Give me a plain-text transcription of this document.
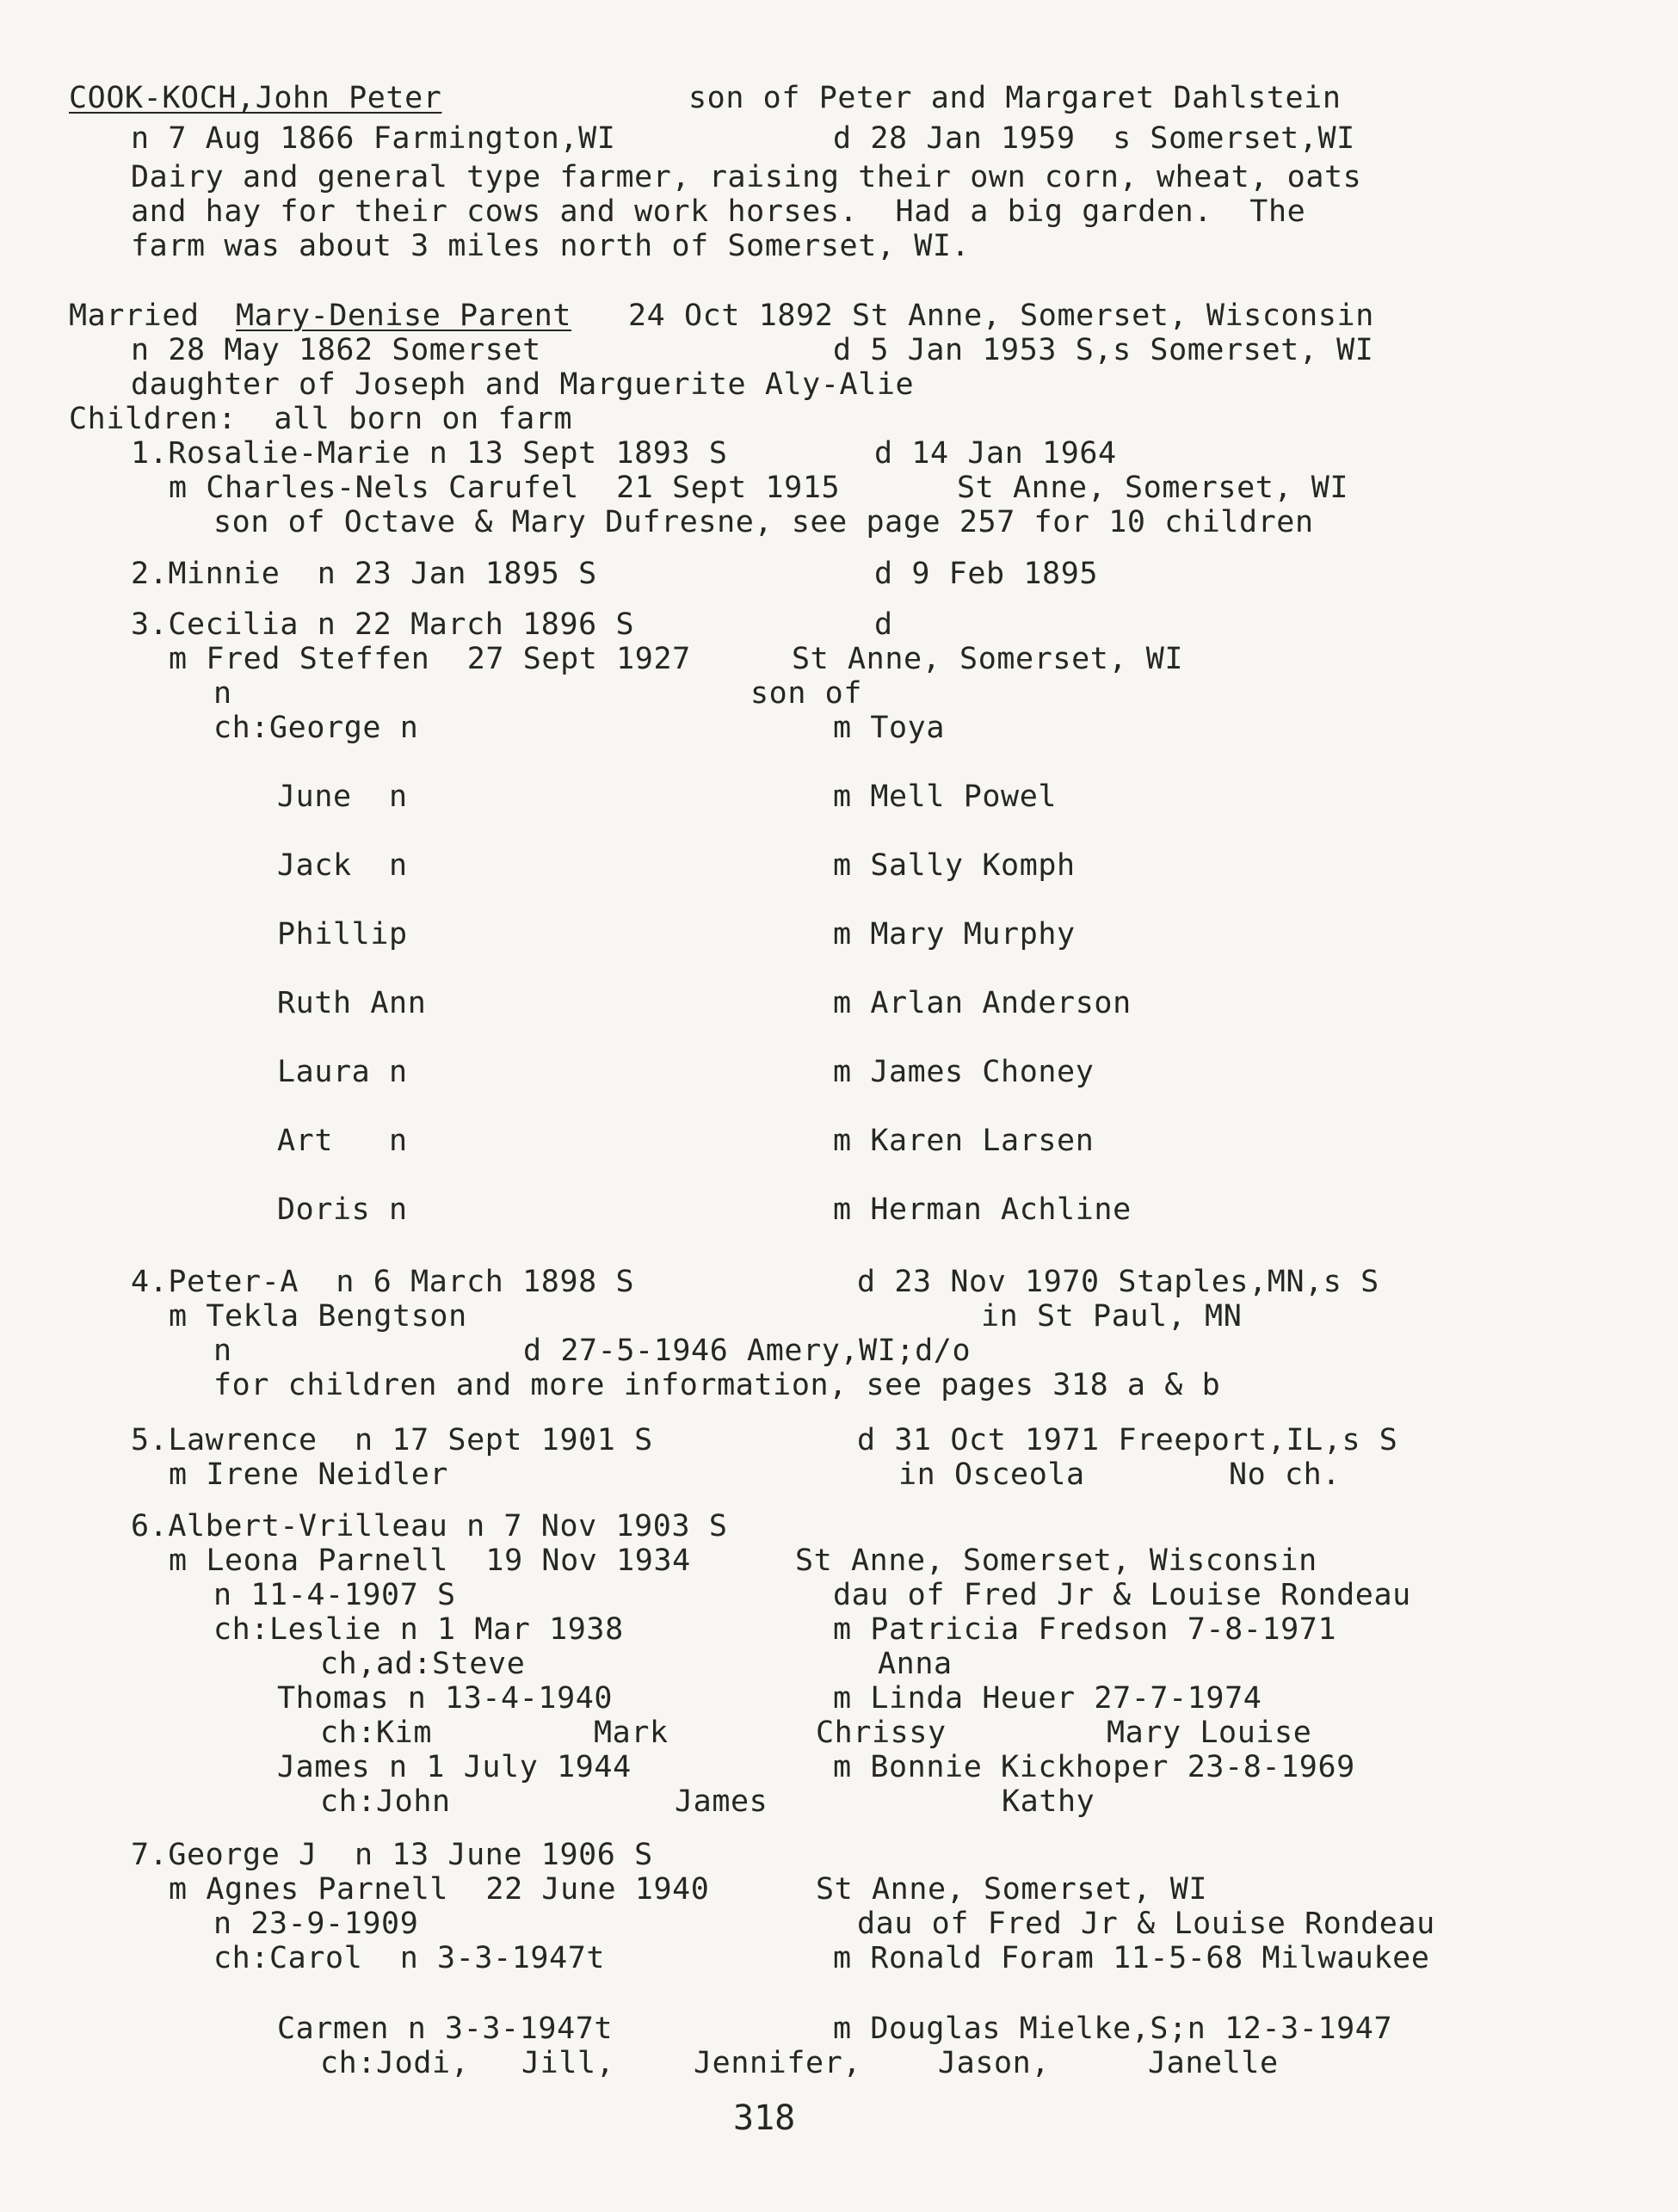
COOK-KOCH,John Peter	son of Peter and Margaret Dahlstein
n 7 Aug 1866 Farmington,WI	d 28 Jan 1959  s Somerset,WI
Dairy and general type farmer, raising their own corn, wheat, oats
and hay for their cows and work horses.  Had a big garden.  The
farm was about 3 miles north of Somerset, WI.
Married Mary-Denise Parent 24 Oct 1892 St Anne, Somerset, Wisconsin
n 28 May 1862 Somerset	d 5 Jan 1953 S,s Somerset, WI
daughter of Joseph and Marguerite Aly-Alie
Children:  all born on farm
1.Rosalie-Marie n 13 Sept 1893 S	d 14 Jan 1964
m Charles-Nels Carufel  21 Sept 1915	St Anne, Somerset, WI
son of Octave & Mary Dufresne, see page 257 for 10 children
2.Minnie  n 23 Jan 1895 S	d 9 Feb 1895
3.Cecilia n 22 March 1896 S	d
m Fred Steffen  27 Sept 1927	St Anne, Somerset, WI
n	son of
ch:George n	m Toya
June  n	m Mell Powel
Jack  n	m Sally Komph
Phillip	m Mary Murphy
Ruth Ann	m Arlan Anderson
Laura n	m James Choney
Art   n	m Karen Larsen
Doris n	m Herman Achline
4.Peter-A  n 6 March 1898 S	d 23 Nov 1970 Staples,MN,s S
m Tekla Bengtson	in St Paul, MN
n	d 27-5-1946 Amery,WI;d/o
for children and more information, see pages 318 a & b
5.Lawrence  n 17 Sept 1901 S	d 31 Oct 1971 Freeport,IL,s S
m Irene Neidler	in Osceola	No ch.
6.Albert-Vrilleau n 7 Nov 1903 S
m Leona Parnell  19 Nov 1934	St Anne, Somerset, Wisconsin
n 11-4-1907 S	dau of Fred Jr & Louise Rondeau
ch:Leslie n 1 Mar 1938	m Patricia Fredson 7-8-1971
ch,ad:Steve	Anna
Thomas n 13-4-1940	m Linda Heuer 27-7-1974
ch:Kim	Mark	Chrissy	Mary Louise
James n 1 July 1944	m Bonnie Kickhoper 23-8-1969
ch:John	James	Kathy
7.George J  n 13 June 1906 S
m Agnes Parnell  22 June 1940	St Anne, Somerset, WI
n 23-9-1909	dau of Fred Jr & Louise Rondeau
ch:Carol  n 3-3-1947t	m Ronald Foram 11-5-68 Milwaukee
Carmen n 3-3-1947t	m Douglas Mielke,S;n 12-3-1947
ch:Jodi, Jill,	Jennifer,	Jason,	Janelle
318
